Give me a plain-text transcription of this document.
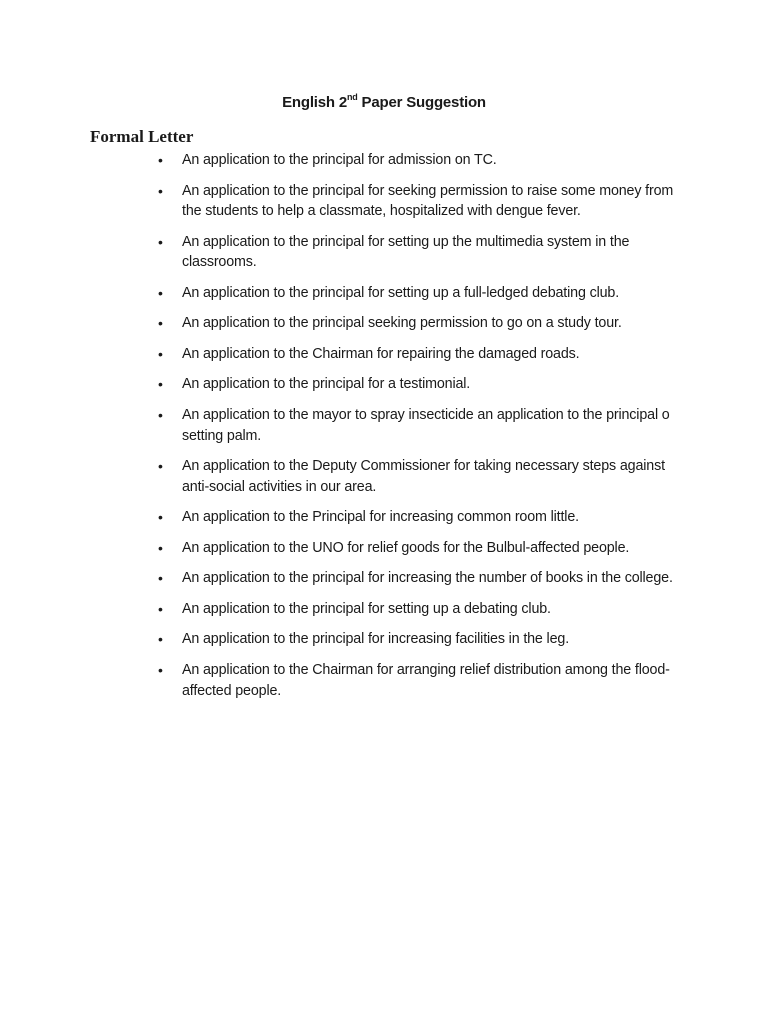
English 2nd Paper Suggestion
Formal Letter
•	An application to the principal for admission on TC.
•	An application to the principal for seeking permission to raise some money from the students to help a classmate, hospitalized with dengue fever.
•	An application to the principal for setting up the multimedia system in the classrooms.
•	An application to the principal for setting up a full-ledged debating club.
•	An application to the principal seeking permission to go on a study tour.
•	An application to the Chairman for repairing the damaged roads.
•	An application to the principal for a testimonial.
•	An application to the mayor to spray insecticide an application to the principal o setting palm.
•	An application to the Deputy Commissioner for taking necessary steps against anti-social activities in our area.
•	An application to the Principal for increasing common room little.
•	An application to the UNO for relief goods for the Bulbul-affected people.
•	An application to the principal for increasing the number of books in the college.
•	An application to the principal for setting up a debating club.
•	An application to the principal for increasing facilities in the leg.
•	An application to the Chairman for arranging relief distribution among the flood-affected people.
